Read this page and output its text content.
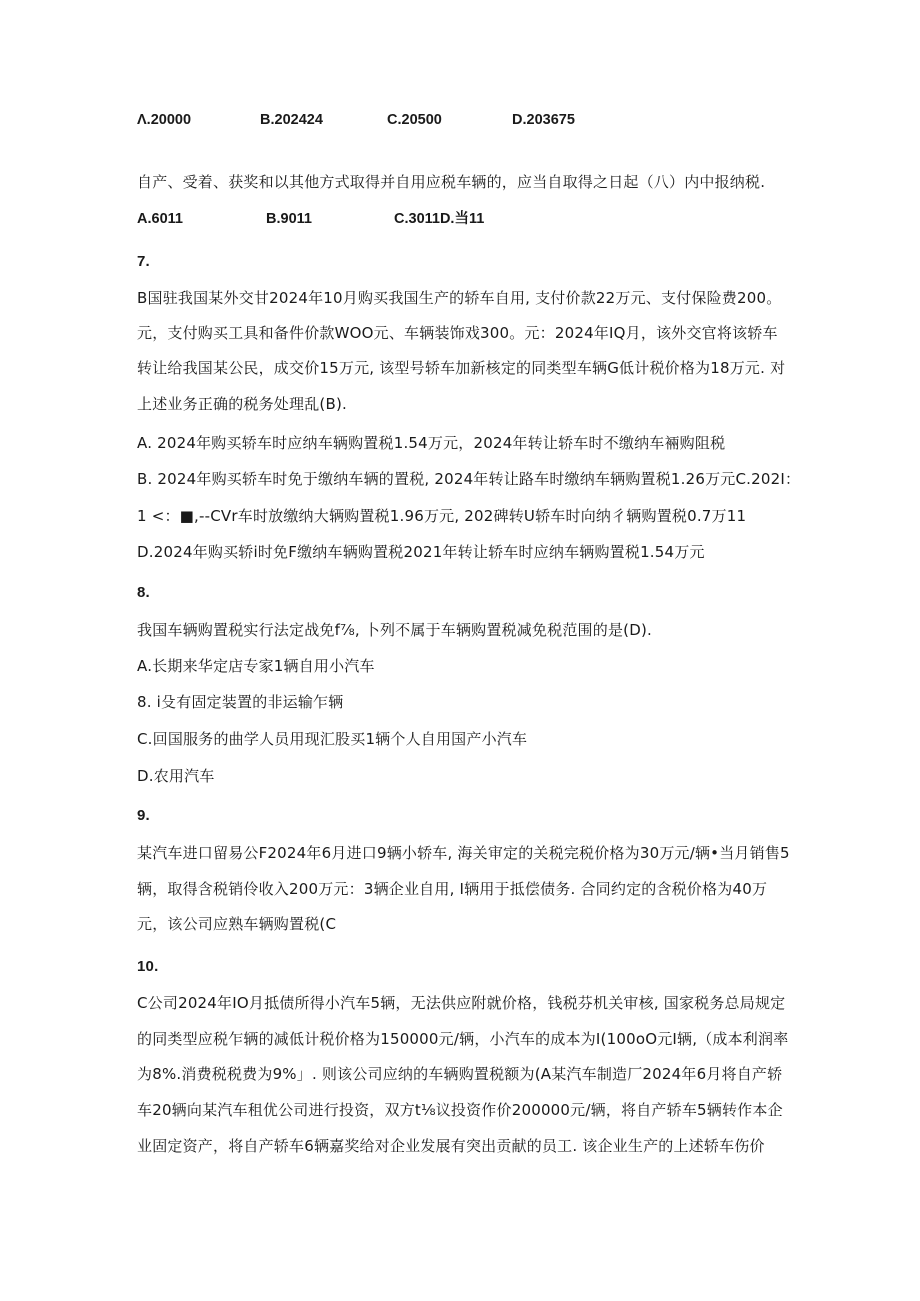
Λ.20000	B.202424	C.20500	D.203675
自产、受着、获奖和以其他方式取得并自用应税车辆的，应当自取得之日起（八）内中报纳税.
A.6011	B.9011	C.3011D.当11
7.
B国驻我国某外交甘2024年10月购买我国生产的轿车自用, 支付价款22万元、支付保险费200。
元，支付购买工具和备件价款WOO元、车辆装饰戏300。元：2024年IQ月，该外交官将该轿车
转让给我国某公民，成交价15万元, 该型号轿车加新核定的同类型车辆G低计税价格为18万元. 对
上述业务正确的税务处理乱(B).
A. 2024年购买轿车时应纳车辆购置税1.54万元，2024年转让轿车时不缴纳车裲购阻税
B. 2024年购买轿车时免于缴纳车辆的置税, 2024年转让路车时缴纳车辆购置税1.26万元C.202I：
1 <：■,--CVr车时放缴纳大辆购置税1.96万元, 202碑转U轿车时向纳彳辆购置税0.7万11
D.2024年购买轿i时免F缴纳车辆购置税2021年转让轿车时应纳车辆购置税1.54万元
8.
我国车辆购置税实行法定战免f⅞, 卜列不属于车辆购置税减免税范围的是(D).
A.长期来华定店专家1辆自用小汽车
8. i殳有固定装置的非运输乍辆
C.回国服务的曲学人员用现汇股买1辆个人自用国产小汽车
D.农用汽车
9.
某汽车进口留易公F2024年6月进口9辆小轿车, 海关审定的关税完税价格为30万元/辆•当月销售5
辆，取得含税销伶收入200万元：3辆企业自用, I辆用于抵偿债务. 合同约定的含税价格为40万
元，该公司应熟车辆购置税(C
10.
C公司2024年IO月抵债所得小汽车5辆，无法供应附就价格，钱税芬机关审核, 国家税务总局规定
的同类型应税乍辆的减低计税价格为150000元/辆，小汽车的成本为I(100oO元I辆,（成本利润率
为8%.消费税税费为9%」. 则该公司应纳的车辆购置税额为(A某汽车制造厂2024年6月将自产轿
车20辆向某汽车租优公司进行投资，双方t⅛议投资作价200000元/辆，将自产轿车5辆转作本企
业固定资产，将自产轿车6辆嘉奖给对企业发展有突出贡献的员工. 该企业生产的上述轿车伤价
